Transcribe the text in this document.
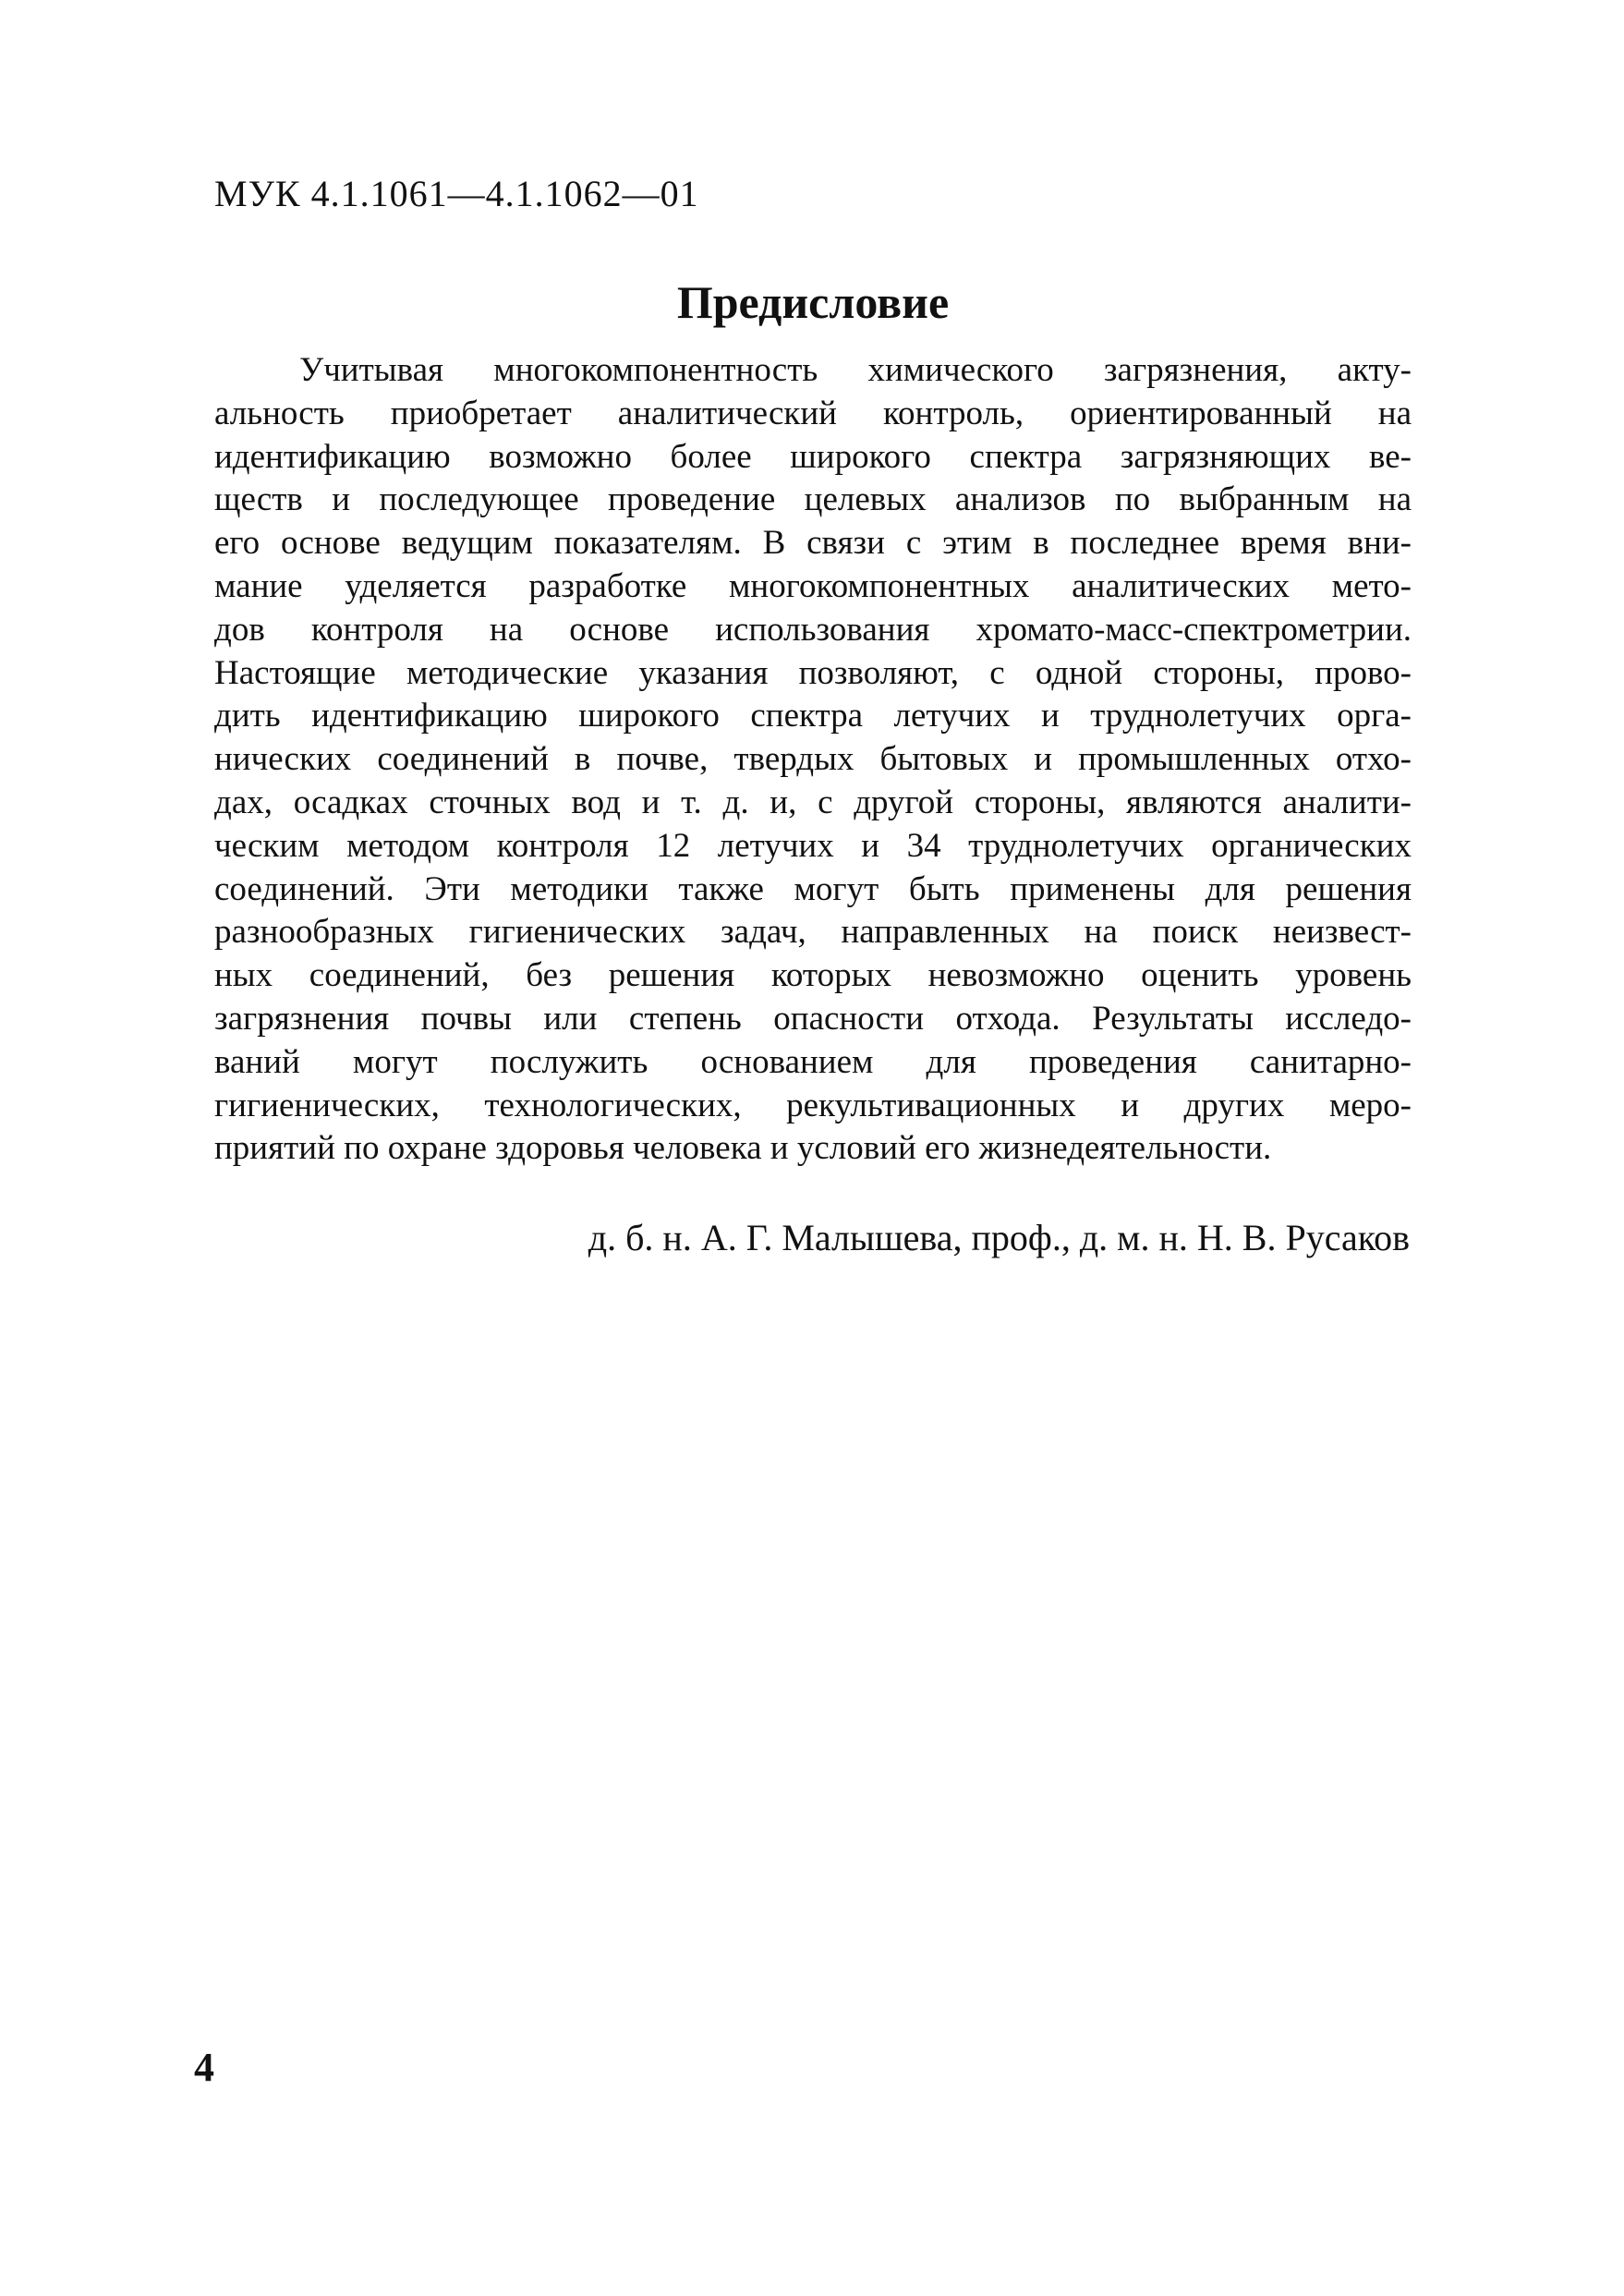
МУК 4.1.1061—4.1.1062—01
Предисловие
Учитывая многокомпонентность химического загрязнения, акту-
альность приобретает аналитический контроль, ориентированный на
идентификацию возможно более широкого спектра загрязняющих ве-
ществ и последующее проведение целевых анализов по выбранным на
его основе ведущим показателям. В связи с этим в последнее время вни-
мание уделяется разработке многокомпонентных аналитических мето-
дов контроля на основе использования хромато-масс-спектрометрии.
Настоящие методические указания позволяют, с одной стороны, прово-
дить идентификацию широкого спектра летучих и труднолетучих орга-
нических соединений в почве, твердых бытовых и промышленных отхо-
дах, осадках сточных вод и т. д. и, с другой стороны, являются аналити-
ческим методом контроля 12 летучих и 34 труднолетучих органических
соединений. Эти методики также могут быть применены для решения
разнообразных гигиенических задач, направленных на поиск неизвест-
ных соединений, без решения которых невозможно оценить уровень
загрязнения почвы или степень опасности отхода. Результаты исследо-
ваний могут послужить основанием для проведения санитарно-
гигиенических, технологических, рекультивационных и других меро-
приятий по охране здоровья человека и условий его жизнедеятельности.
д. б. н. А. Г. Малышева, проф., д. м. н. Н. В. Русаков
4
